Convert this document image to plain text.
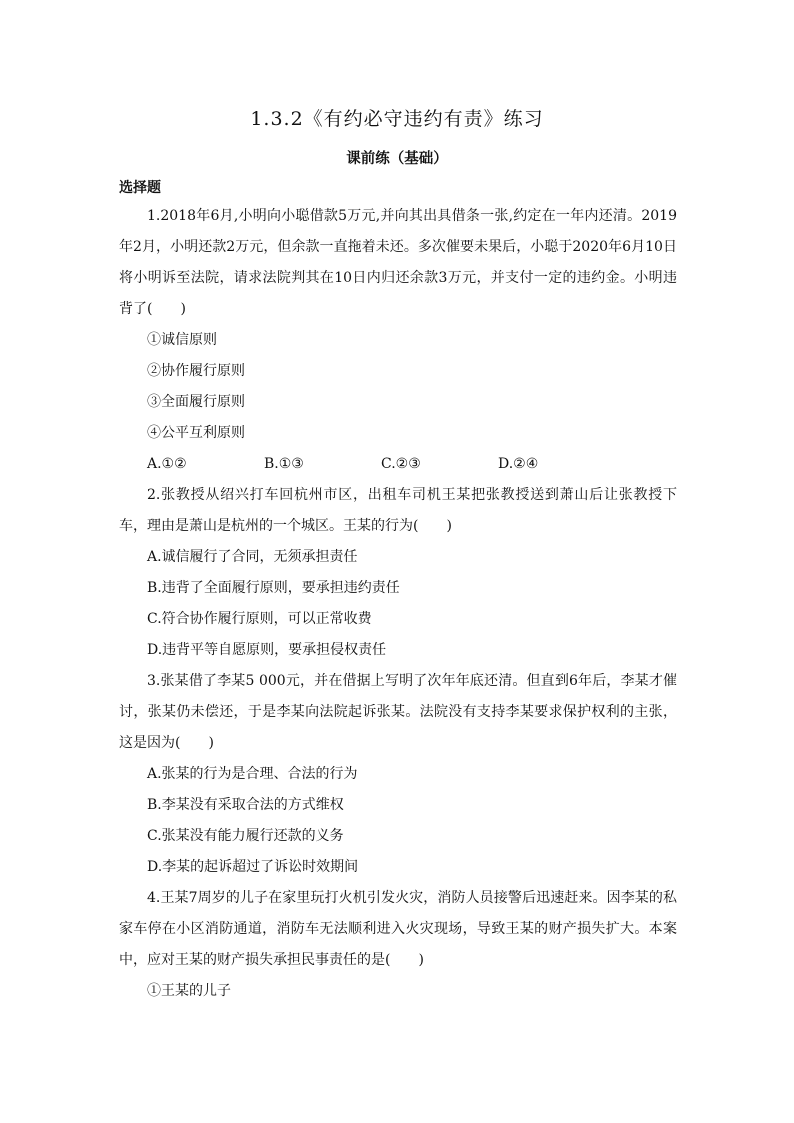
1.3.2《有约必守违约有责》练习
课前练（基础）
选择题

1.2018年6月,小明向小聪借款5万元,并向其出具借条一张,约定在一年内还清。2019年2月，小明还款2万元，但余款一直拖着未还。多次催要未果后，小聪于2020年6月10日将小明诉至法院，请求法院判其在10日内归还余款3万元，并支付一定的违约金。小明违背了(　　)

①诚信原则

②协作履行原则

③全面履行原则

④公平互利原则

A.①②	B.①③	C.②③	D.②④

2.张教授从绍兴打车回杭州市区，出租车司机王某把张教授送到萧山后让张教授下车，理由是萧山是杭州的一个城区。王某的行为(　　)

A.诚信履行了合同，无须承担责任

B.违背了全面履行原则，要承担违约责任

C.符合协作履行原则，可以正常收费

D.违背平等自愿原则，要承担侵权责任

3.张某借了李某5 000元，并在借据上写明了次年年底还清。但直到6年后，李某才催讨，张某仍未偿还，于是李某向法院起诉张某。法院没有支持李某要求保护权利的主张，这是因为(　　)

A.张某的行为是合理、合法的行为

B.李某没有采取合法的方式维权

C.张某没有能力履行还款的义务

D.李某的起诉超过了诉讼时效期间

4.王某7周岁的儿子在家里玩打火机引发火灾，消防人员接警后迅速赶来。因李某的私家车停在小区消防通道，消防车无法顺利进入火灾现场，导致王某的财产损失扩大。本案中，应对王某的财产损失承担民事责任的是(　　)

①王某的儿子
